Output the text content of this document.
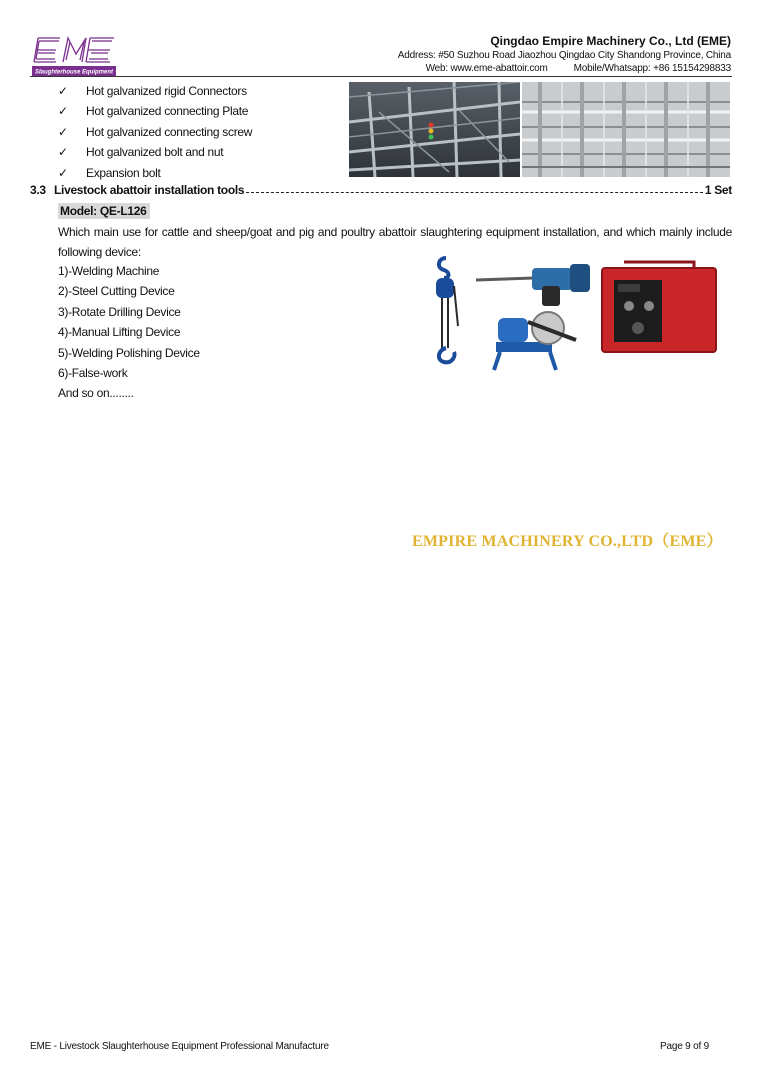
Slaughterhouse Equipment
Qingdao Empire Machinery Co., Ltd (EME)
Address: #50 Suzhou Road Jiaozhou Qingdao City Shandong Province, China
Web: www.eme-abattoir.com	Mobile/Whatsapp: +86 15154298833
✓	Hot galvanized rigid Connectors
✓	Hot galvanized connecting Plate
✓	Hot galvanized connecting screw
✓	Hot galvanized bolt and nut
✓	Expansion bolt
3.3 Livestock abattoir installation tools	1 Set
Model: QE-L126
Which main use for cattle and sheep/goat and pig and poultry abattoir slaughtering equipment installation, and which mainly include following device:
1)-Welding Machine
2)-Steel Cutting Device
3)-Rotate Drilling Device
4)-Manual Lifting Device
5)-Welding Polishing Device
6)-False-work
And so on........
EMPIRE MACHINERY CO.,LTD（EME）
EME - Livestock Slaughterhouse Equipment Professional Manufacture	Page 9 of 9
